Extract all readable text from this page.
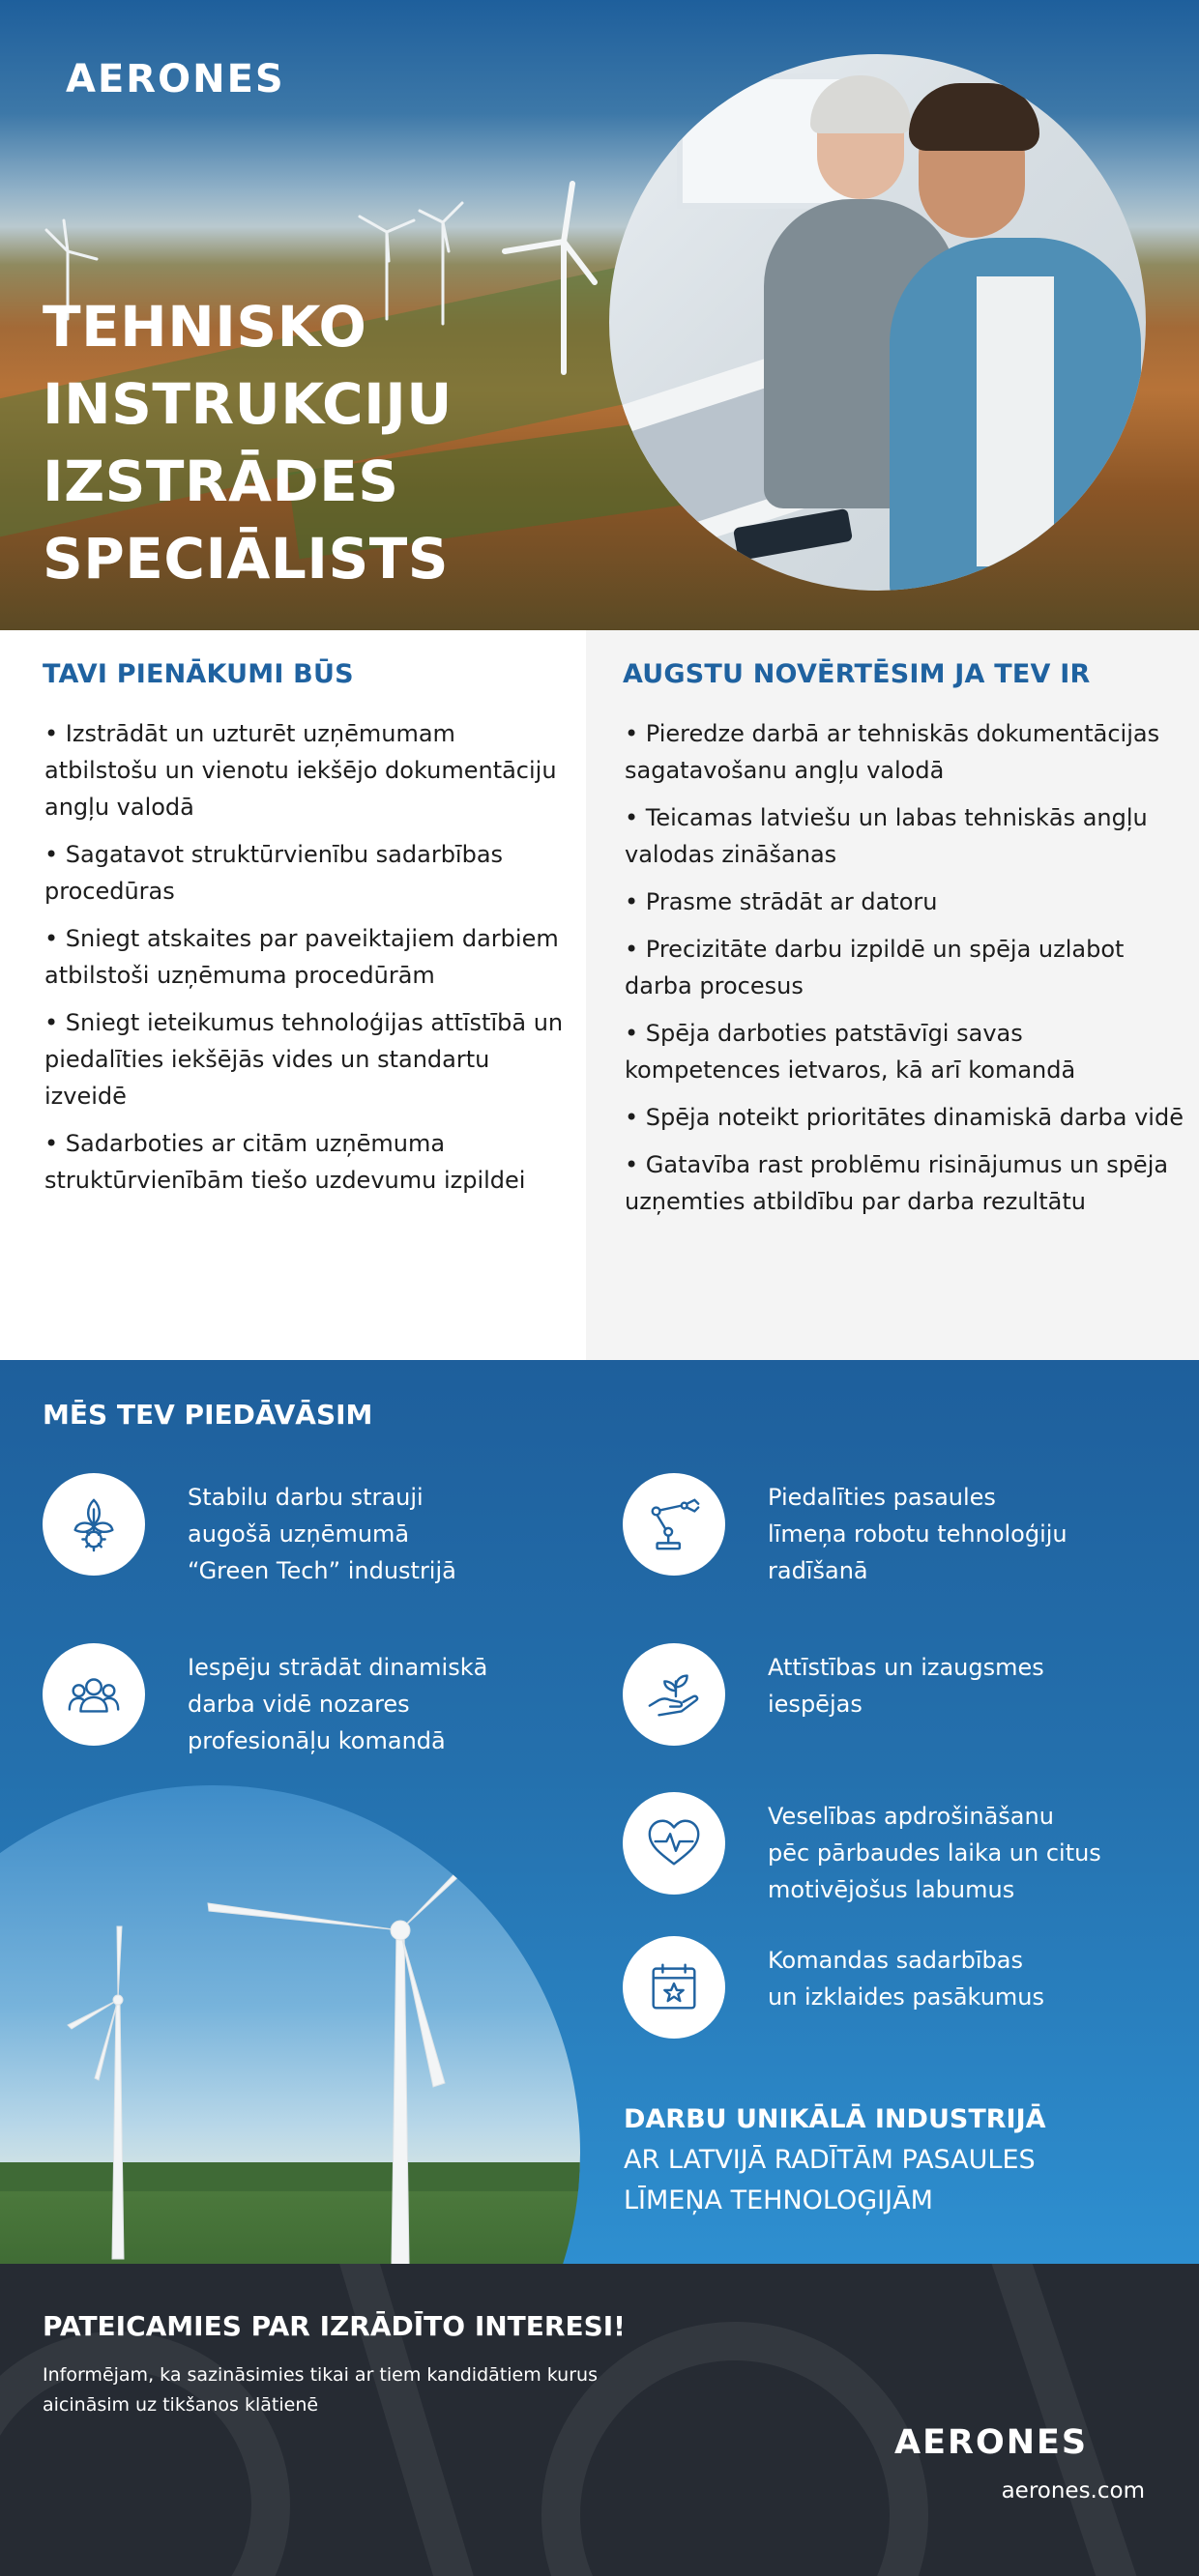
AERONES
TEHNISKO
INSTRUKCIJU
IZSTRĀDES
SPECIĀLISTS
TAVI PIENĀKUMI BŪS
• Izstrādāt un uzturēt uzņēmumam atbilstošu un vienotu iekšējo dokumentāciju angļu valodā
• Sagatavot struktūrvienību sadarbības procedūras
• Sniegt atskaites par paveiktajiem darbiem atbilstoši uzņēmuma procedūrām
• Sniegt ieteikumus tehnoloģijas attīstībā un piedalīties iekšējās vides un standartu izveidē
• Sadarboties ar citām uzņēmuma struktūrvienībām tiešo uzdevumu izpildei
AUGSTU NOVĒRTĒSIM JA TEV IR
• Pieredze darbā ar tehniskās dokumentācijas sagatavošanu angļu valodā
• Teicamas latviešu un labas tehniskās angļu valodas zināšanas
• Prasme strādāt ar datoru
• Precizitāte darbu izpildē un spēja uzlabot darba procesus
• Spēja darboties patstāvīgi savas kompetences ietvaros, kā arī komandā
• Spēja noteikt prioritātes dinamiskā darba vidē
• Gatavība rast problēmu risinājumus un spēja uzņemties atbildību par darba rezultātu
MĒS TEV PIEDĀVĀSIM
Stabilu darbu strauji
augošā uzņēmumā
“Green Tech” industrijā
Piedalīties pasaules
līmeņa robotu tehnoloģiju
radīšanā
Iespēju strādāt dinamiskā
darba vidē nozares
profesionāļu komandā
Attīstības un izaugsmes
iespējas
Veselības apdrošināšanu
pēc pārbaudes laika un citus
motivējošus labumus
Komandas sadarbības
un izklaides pasākumus
DARBU UNIKĀLĀ INDUSTRIJĀ
AR LATVIJĀ RADĪTĀM PASAULES
LĪMEŅA TEHNOLOĢIJĀM
PATEICAMIES PAR IZRĀDĪTO INTERESI!

Informējam, ka sazināsimies tikai ar tiem kandidātiem kurus aicināsim uz tikšanos klātienē

AERONES
aerones.com
